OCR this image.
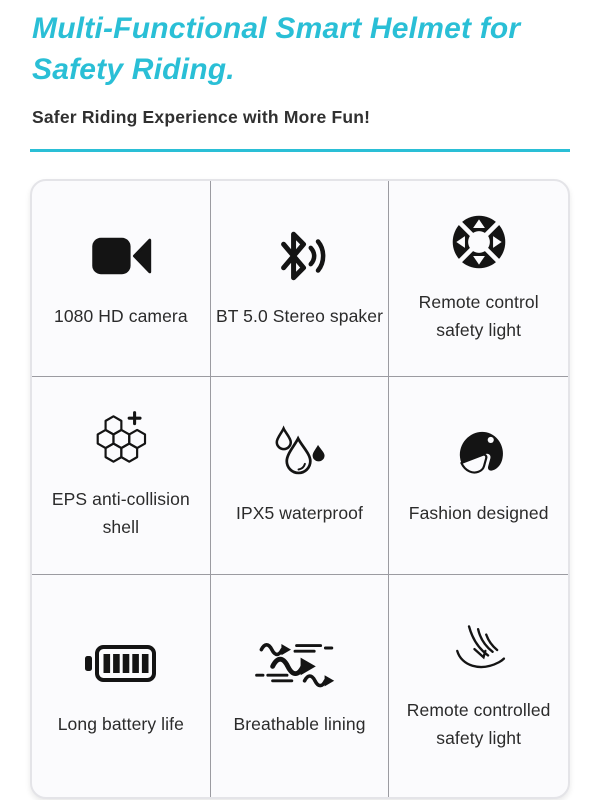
Multi-Functional Smart Helmet for Safety Riding.
Safer Riding Experience with More Fun!
1080 HD camera BT 5.0 Stereo spaker
Remote control safety light
EPS anti-collision shell
IPX5 waterproof	Fashion designed
Long battery life	Breathable lining
Remote controlled safety light
